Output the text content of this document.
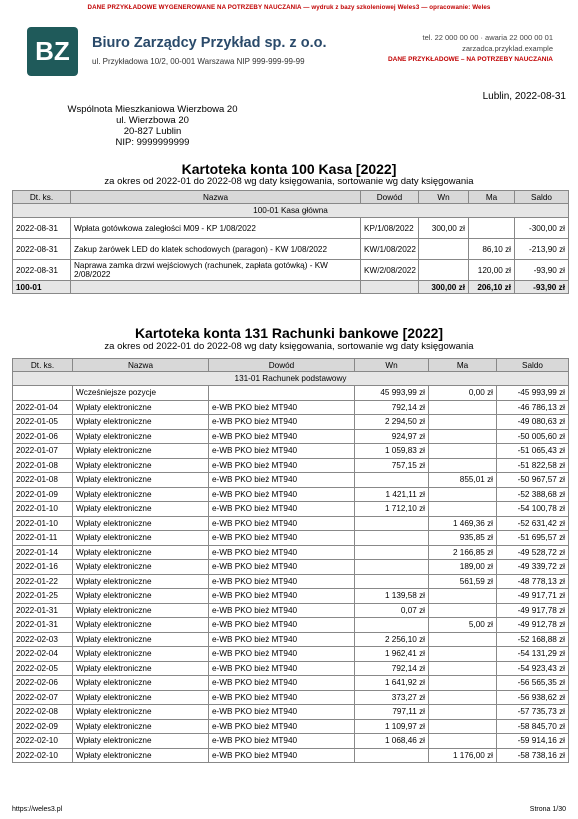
DANE PRZYKŁADOWE WYGENEROWANE NA POTRZEBY NAUCZANIA — wydruk z bazy szkoleniowej Weles3 — opracowanie: Weles
BZ	Biuro Zarządcy Przykład sp. z o.o.
ul. Przykładowa 10/2, 00-001 Warszawa NIP 999-999-99-99
tel. 22 000 00 00 · awaria 22 000 00 01
zarzadca.przyklad.example
DANE PRZYKŁADOWE – NA POTRZEBY NAUCZANIA
Lublin, 2022-08-31
Wspólnota Mieszkaniowa Wierzbowa 20
ul. Wierzbowa 20
20-827 Lublin
NIP: 9999999999
Kartoteka konta 100 Kasa [2022]
za okres od 2022-01 do 2022-08 wg daty księgowania, sortowanie wg daty księgowania
Dt. ks.	Nazwa	Dowód	Wn	Ma	Saldo
100-01 Kasa główna					
2022-08-31	Wpłata gotówkowa zaległości M09 - KP 1/08/2022	KP/1/08/2022	300,00 zł		-300,00 zł
2022-08-31	Zakup żarówek LED do klatek schodowych (paragon) - KW 1/08/2022	KW/1/08/2022		86,10 zł	-213,90 zł
2022-08-31	Naprawa zamka drzwi wejściowych (rachunek, zapłata gotówką) - KW 2/08/2022	KW/2/08/2022		120,00 zł	-93,90 zł
100-01			300,00 zł	206,10 zł	-93,90 zł
Kartoteka konta 131 Rachunki bankowe [2022]
za okres od 2022-01 do 2022-08 wg daty księgowania, sortowanie wg daty księgowania
Dt. ks.	Nazwa	Dowód	Wn	Ma	Saldo
131-01 Rachunek podstawowy					
	Wcześniejsze pozycje		45 993,99 zł	0,00 zł	-45 993,99 zł
2022-01-04	Wpłaty elektroniczne	e-WB PKO bież MT940	792,14 zł		-46 786,13 zł
2022-01-05	Wpłaty elektroniczne	e-WB PKO bież MT940	2 294,50 zł		-49 080,63 zł
2022-01-06	Wpłaty elektroniczne	e-WB PKO bież MT940	924,97 zł		-50 005,60 zł
2022-01-07	Wpłaty elektroniczne	e-WB PKO bież MT940	1 059,83 zł		-51 065,43 zł
2022-01-08	Wpłaty elektroniczne	e-WB PKO bież MT940	757,15 zł		-51 822,58 zł
2022-01-08	Wpłaty elektroniczne	e-WB PKO bież MT940		855,01 zł	-50 967,57 zł
2022-01-09	Wpłaty elektroniczne	e-WB PKO bież MT940	1 421,11 zł		-52 388,68 zł
2022-01-10	Wpłaty elektroniczne	e-WB PKO bież MT940	1 712,10 zł		-54 100,78 zł
2022-01-10	Wpłaty elektroniczne	e-WB PKO bież MT940		1 469,36 zł	-52 631,42 zł
2022-01-11	Wpłaty elektroniczne	e-WB PKO bież MT940		935,85 zł	-51 695,57 zł
2022-01-14	Wpłaty elektroniczne	e-WB PKO bież MT940		2 166,85 zł	-49 528,72 zł
2022-01-16	Wpłaty elektroniczne	e-WB PKO bież MT940		189,00 zł	-49 339,72 zł
2022-01-22	Wpłaty elektroniczne	e-WB PKO bież MT940		561,59 zł	-48 778,13 zł
2022-01-25	Wpłaty elektroniczne	e-WB PKO bież MT940	1 139,58 zł		-49 917,71 zł
2022-01-31	Wpłaty elektroniczne	e-WB PKO bież MT940	0,07 zł		-49 917,78 zł
2022-01-31	Wpłaty elektroniczne	e-WB PKO bież MT940		5,00 zł	-49 912,78 zł
2022-02-03	Wpłaty elektroniczne	e-WB PKO bież MT940	2 256,10 zł		-52 168,88 zł
2022-02-04	Wpłaty elektroniczne	e-WB PKO bież MT940	1 962,41 zł		-54 131,29 zł
2022-02-05	Wpłaty elektroniczne	e-WB PKO bież MT940	792,14 zł		-54 923,43 zł
2022-02-06	Wpłaty elektroniczne	e-WB PKO bież MT940	1 641,92 zł		-56 565,35 zł
2022-02-07	Wpłaty elektroniczne	e-WB PKO bież MT940	373,27 zł		-56 938,62 zł
2022-02-08	Wpłaty elektroniczne	e-WB PKO bież MT940	797,11 zł		-57 735,73 zł
2022-02-09	Wpłaty elektroniczne	e-WB PKO bież MT940	1 109,97 zł		-58 845,70 zł
2022-02-10	Wpłaty elektroniczne	e-WB PKO bież MT940	1 068,46 zł		-59 914,16 zł
2022-02-10	Wpłaty elektroniczne	e-WB PKO bież MT940		1 176,00 zł	-58 738,16 zł
https://weles3.pl	Strona 1/30
